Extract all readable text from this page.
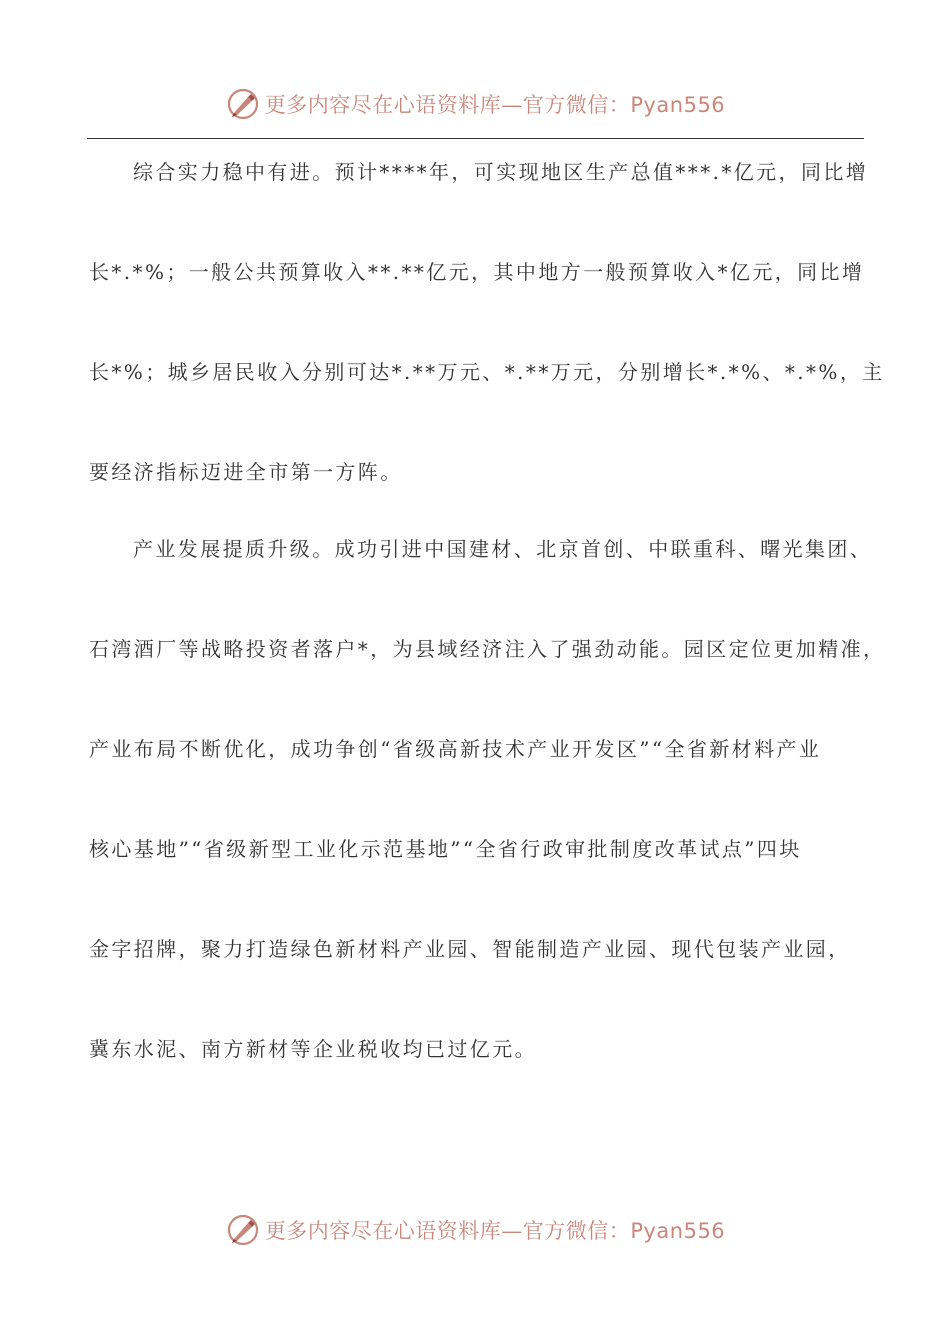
更多内容尽在心语资料库—官方微信：Pyan556
综合实力稳中有进。预计****年，可实现地区生产总值***.*亿元，同比增
长*.*%；一般公共预算收入**.**亿元，其中地方一般预算收入*亿元，同比增
长*%；城乡居民收入分别可达*.**万元、*.**万元，分别增长*.*%、*.*%，主
要经济指标迈进全市第一方阵。
产业发展提质升级。成功引进中国建材、北京首创、中联重科、曙光集团、
石湾酒厂等战略投资者落户*，为县域经济注入了强劲动能。园区定位更加精准，
产业布局不断优化，成功争创“省级高新技术产业开发区”“全省新材料产业
核心基地”“省级新型工业化示范基地”“全省行政审批制度改革试点”四块
金字招牌，聚力打造绿色新材料产业园、智能制造产业园、现代包装产业园，
冀东水泥、南方新材等企业税收均已过亿元。
更多内容尽在心语资料库—官方微信：Pyan556
